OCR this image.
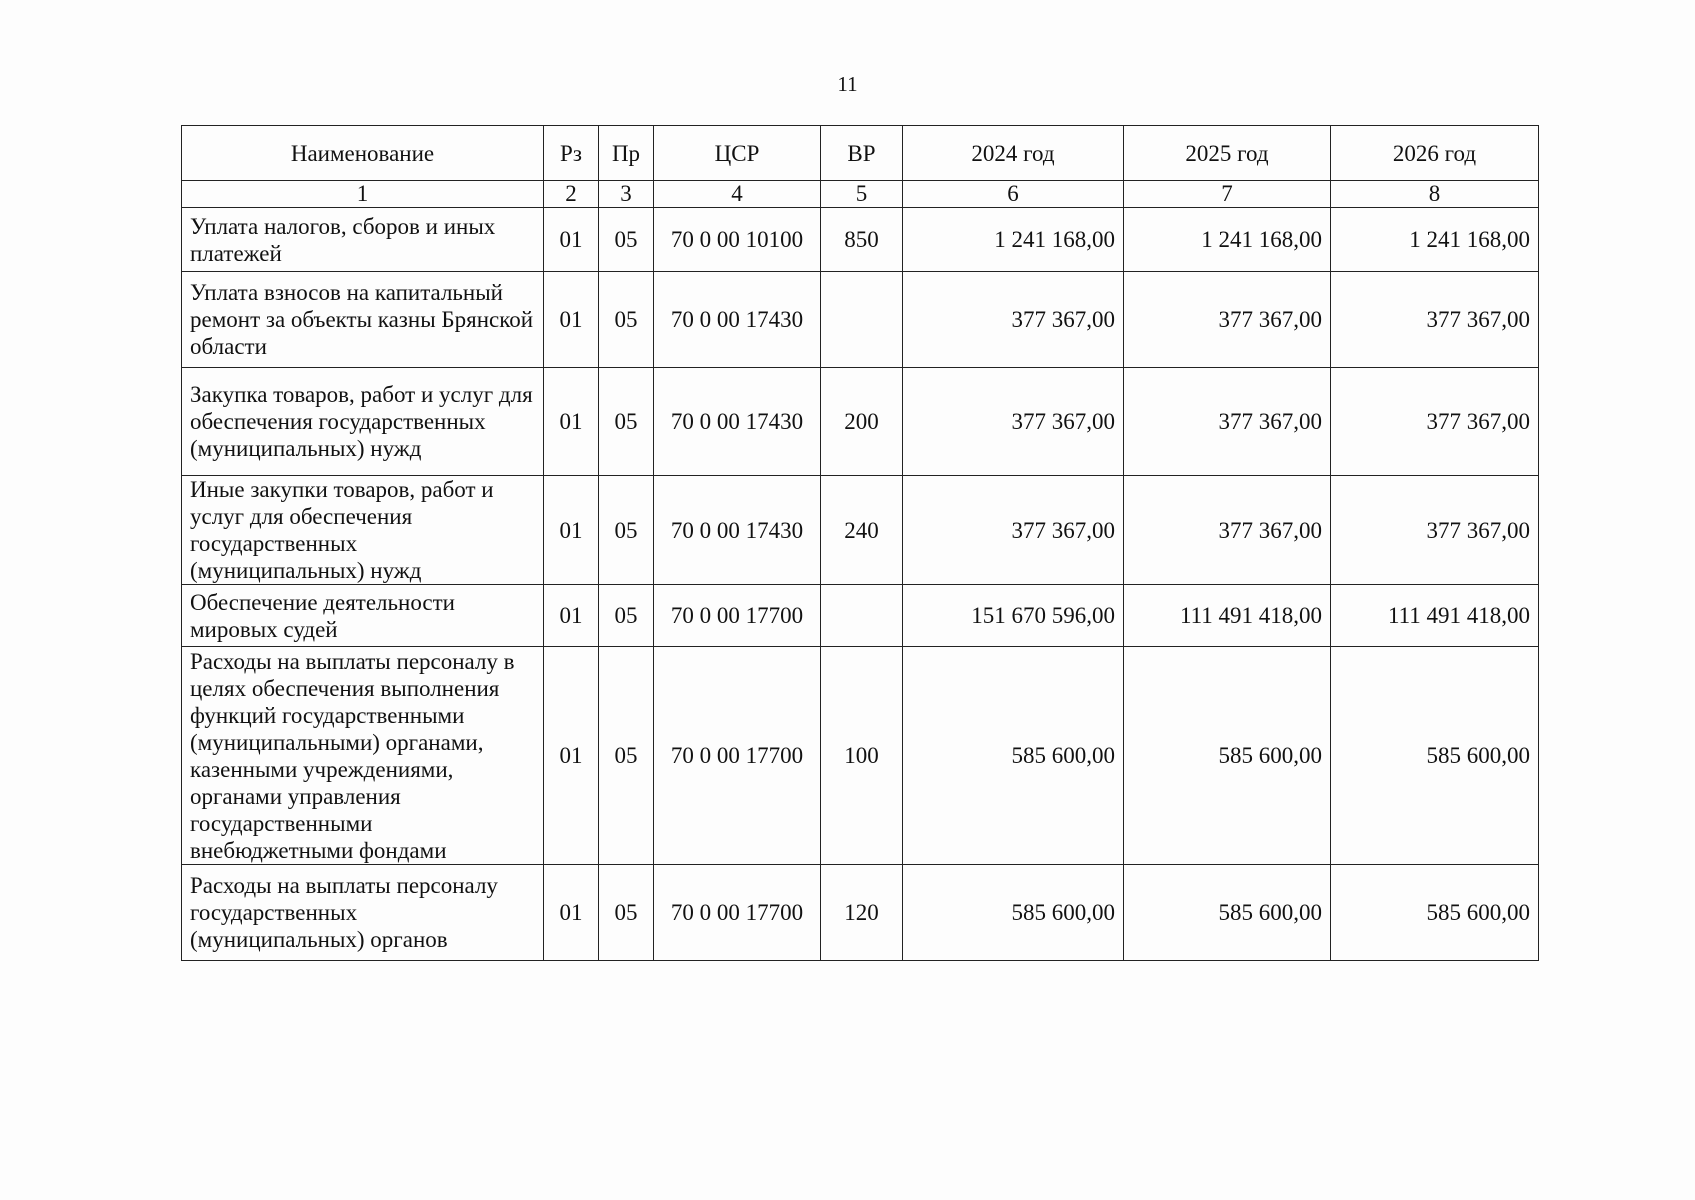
11
Наименование	Рз	Пр	ЦСР	ВР	2024 год	2025 год	2026 год
1	2	3	4	5	6	7	8
Уплата налогов, сборов и иных платежей	01	05	70 0 00 10100	850	1 241 168,00	1 241 168,00	1 241 168,00
Уплата взносов на капитальный ремонт за объекты казны Брянской области	01	05	70 0 00 17430		377 367,00	377 367,00	377 367,00
Закупка товаров, работ и услуг для обеспечения государственных (муниципальных) нужд	01	05	70 0 00 17430	200	377 367,00	377 367,00	377 367,00
Иные закупки товаров, работ и услуг для обеспечения государственных (муниципальных) нужд	01	05	70 0 00 17430	240	377 367,00	377 367,00	377 367,00
Обеспечение деятельности мировых судей	01	05	70 0 00 17700		151 670 596,00	111 491 418,00	111 491 418,00
Расходы на выплаты персоналу в целях обеспечения выполнения функций государственными (муниципальными) органами, казенными учреждениями, органами управления государственными внебюджетными фондами	01	05	70 0 00 17700	100	585 600,00	585 600,00	585 600,00
Расходы на выплаты персоналу государственных (муниципальных) органов	01	05	70 0 00 17700	120	585 600,00	585 600,00	585 600,00
